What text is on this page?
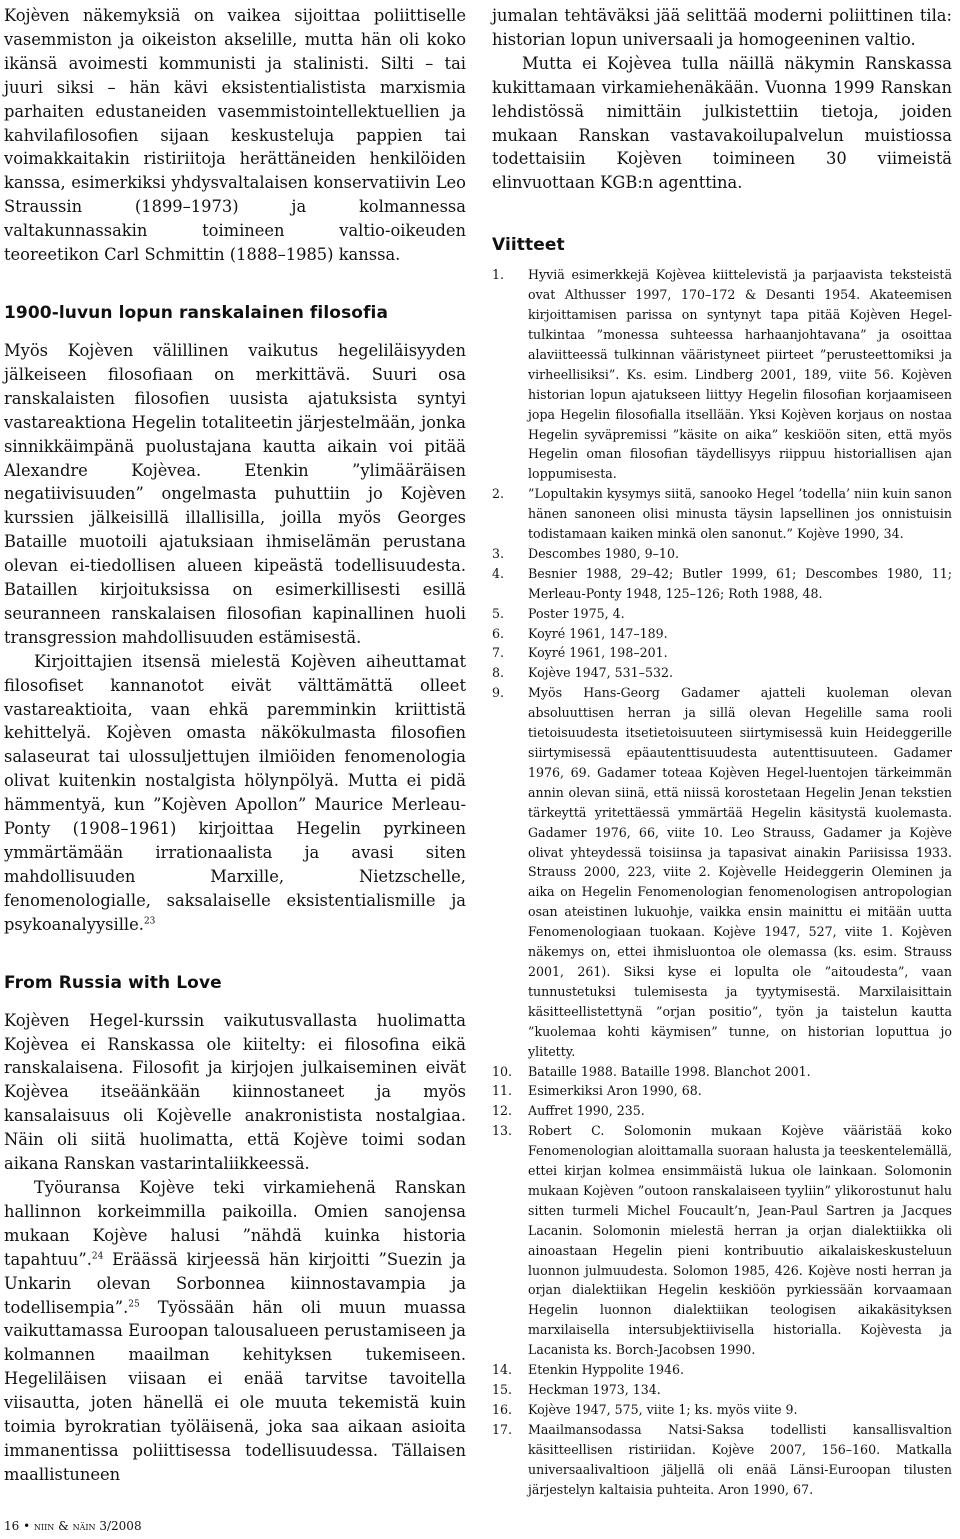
Kojèven näkemyksiä on vaikea sijoittaa poliittiselle vasemmiston ja oikeiston akselille, mutta hän oli koko ikänsä avoimesti kommunisti ja stalinisti. Silti – tai juuri siksi – hän kävi eksistentialistista marxismia parhaiten edustaneiden vasemmistointellektuellien ja kahvilafilosofien sijaan keskusteluja pappien tai voimakkaitakin ristiriitoja herättäneiden henkilöiden kanssa, esimerkiksi yhdysvaltalaisen konservatiivin Leo Straussin (1899–1973) ja kolmannessa valtakunnassakin toimineen valtio-oikeuden teoreetikon Carl Schmittin (1888–1985) kanssa.

1900-luvun lopun ranskalainen filosofia

Myös Kojèven välillinen vaikutus hegeliläisyyden jälkeiseen filosofiaan on merkittävä. Suuri osa ranskalaisten filosofien uusista ajatuksista syntyi vastareaktiona Hegelin totaliteetin järjestelmään, jonka sinnikkäimpänä puolustajana kautta aikain voi pitää Alexandre Kojèvea. Etenkin ”ylimääräisen negatiivisuuden” ongelmasta puhuttiin jo Kojèven kurssien jälkeisillä illallisilla, joilla myös Georges Bataille muotoili ajatuksiaan ihmiselämän perustana olevan ei-tiedollisen alueen kipeästä todellisuudesta. Bataillen kirjoituksissa on esimerkillisesti esillä seuranneen ranskalaisen filosofian kapinallinen huoli transgression mahdollisuuden estämisestä.

Kirjoittajien itsensä mielestä Kojèven aiheuttamat filosofiset kannanotot eivät välttämättä olleet vastareaktioita, vaan ehkä paremminkin kriittistä kehittelyä. Kojèven omasta näkökulmasta filosofien salaseurat tai ulossuljettujen ilmiöiden fenomenologia olivat kuitenkin nostalgista hölynpölyä. Mutta ei pidä hämmentyä, kun ”Kojèven Apollon” Maurice Merleau-Ponty (1908–1961) kirjoittaa Hegelin pyrkineen ymmärtämään irrationaalista ja avasi siten mahdollisuuden Marxille, Nietzschelle, fenomenologialle, saksalaiselle eksistentialismille ja psykoanalyysille.$^{23}$

From Russia with Love

Kojèven Hegel-kurssin vaikutusvallasta huolimatta Kojèvea ei Ranskassa ole kiitelty: ei filosofina eikä ranskalaisena. Filosofit ja kirjojen julkaiseminen eivät Kojèvea itseäänkään kiinnostaneet ja myös kansalaisuus oli Kojèvelle anakronistista nostalgiaa. Näin oli siitä huolimatta, että Kojève toimi sodan aikana Ranskan vastarintaliikkeessä.

Työuransa Kojève teki virkamiehenä Ranskan hallinnon korkeimmilla paikoilla. Omien sanojensa mukaan Kojève halusi ”nähdä kuinka historia tapahtuu”.$^{24}$ Eräässä kirjeessä hän kirjoitti ”Suezin ja Unkarin olevan Sorbonnea kiinnostavampia ja todellisempia”.$^{25}$ Työssään hän oli muun muassa vaikuttamassa Euroopan talousalueen perustamiseen ja kolmannen maailman kehityksen tukemiseen. Hegeliläisen viisaan ei enää tarvitse tavoitella viisautta, joten hänellä ei ole muuta tekemistä kuin toimia byrokratian työläisenä, joka saa aikaan asioita immanentissa poliittisessa todellisuudessa. Tällaisen maallistuneen

jumalan tehtäväksi jää selittää moderni poliittinen tila: historian lopun universaali ja homogeeninen valtio.

Mutta ei Kojèvea tulla näillä näkymin Ranskassa kukittamaan virkamiehenäkään. Vuonna 1999 Ranskan lehdistössä nimittäin julkistettiin tietoja, joiden mukaan Ranskan vastavakoilupalvelun muistiossa todettaisiin Kojèven toimineen 30 viimeistä elinvuottaan KGB:n agenttina.

Viitteet
1.	Hyviä esimerkkejä Kojèvea kiittelevistä ja parjaavista teksteistä ovat Althusser 1997, 170–172 & Desanti 1954. Akateemisen kirjoittamisen parissa on syntynyt tapa pitää Kojèven Hegel-tulkintaa ”monessa suhteessa harhaanjohtavana” ja osoittaa alaviitteessä tulkinnan vääristyneet piirteet ”perusteettomiksi ja virheellisiksi”. Ks. esim. Lindberg 2001, 189, viite 56. Kojèven historian lopun ajatukseen liittyy Hegelin filosofian korjaamiseen jopa Hegelin filosofialla itsellään. Yksi Kojèven korjaus on nostaa Hegelin syväpremissi ”käsite on aika” keskiöön siten, että myös Hegelin oman filosofian täydellisyys riippuu historiallisen ajan loppumisesta.
2.	”Lopultakin kysymys siitä, sanooko Hegel ’todella’ niin kuin sanon hänen sanoneen olisi minusta täysin lapsellinen jos onnistuisin todistamaan kaiken minkä olen sanonut.” Kojève 1990, 34.
3.	Descombes 1980, 9–10.
4.	Besnier 1988, 29–42; Butler 1999, 61; Descombes 1980, 11; Merleau-Ponty 1948, 125–126; Roth 1988, 48.
5.	Poster 1975, 4.
6.	Koyré 1961, 147–189.
7.	Koyré 1961, 198–201.
8.	Kojève 1947, 531–532.
9.	Myös Hans-Georg Gadamer ajatteli kuoleman olevan absoluuttisen herran ja sillä olevan Hegelille sama rooli tietoisuudesta itsetietoisuuteen siirtymisessä kuin Heideggerille siirtymisessä epäautenttisuudesta autenttisuuteen. Gadamer 1976, 69. Gadamer toteaa Kojèven Hegel-luentojen tärkeimmän annin olevan siinä, että niissä korostetaan Hegelin Jenan tekstien tärkeyttä yritettäessä ymmärtää Hegelin käsitystä kuolemasta. Gadamer 1976, 66, viite 10. Leo Strauss, Gadamer ja Kojève olivat yhteydessä toisiinsa ja tapasivat ainakin Pariisissa 1933. Strauss 2000, 223, viite 2. Kojèvelle Heideggerin Oleminen ja aika on Hegelin Fenomenologian fenomenologisen antropologian osan ateistinen lukuohje, vaikka ensin mainittu ei mitään uutta Fenomenologiaan tuokaan. Kojève 1947, 527, viite 1. Kojèven näkemys on, ettei ihmisluontoa ole olemassa (ks. esim. Strauss 2001, 261). Siksi kyse ei lopulta ole ”aitoudesta”, vaan tunnustetuksi tulemisesta ja tyytymisestä. Marxilaisittain käsitteellistettynä ”orjan positio”, työn ja taistelun kautta ”kuolemaa kohti käymisen” tunne, on historian loputtua jo ylitetty.
10.	Bataille 1988. Bataille 1998. Blanchot 2001.
11.	Esimerkiksi Aron 1990, 68.
12.	Auffret 1990, 235.
13.	Robert C. Solomonin mukaan Kojève vääristää koko Fenomenologian aloittamalla suoraan halusta ja teeskentelemällä, ettei kirjan kolmea ensimmäistä lukua ole lainkaan. Solomonin mukaan Kojèven ”outoon ranskalaiseen tyyliin” ylikorostunut halu sitten turmeli Michel Foucault’n, Jean-Paul Sartren ja Jacques Lacanin. Solomonin mielestä herran ja orjan dialektiikka oli ainoastaan Hegelin pieni kontribuutio aikalaiskeskusteluun luonnon julmuudesta. Solomon 1985, 426. Kojève nosti herran ja orjan dialektiikan Hegelin keskiöön pyrkiessään korvaamaan Hegelin luonnon dialektiikan teologisen aikakäsityksen marxilaisella intersubjektiivisella historialla. Kojèvesta ja Lacanista ks. Borch-Jacobsen 1990.
14.	Etenkin Hyppolite 1946.
15.	Heckman 1973, 134.
16.	Kojève 1947, 575, viite 1; ks. myös viite 9.
17.	Maailmansodassa Natsi-Saksa todellisti kansallisvaltion käsitteellisen ristiriidan. Kojève 2007, 156–160. Matkalla universaalivaltioon jäljellä oli enää Länsi-Euroopan tilusten järjestelyn kaltaisia puhteita. Aron 1990, 67.
16 • niin & näin 3/2008
